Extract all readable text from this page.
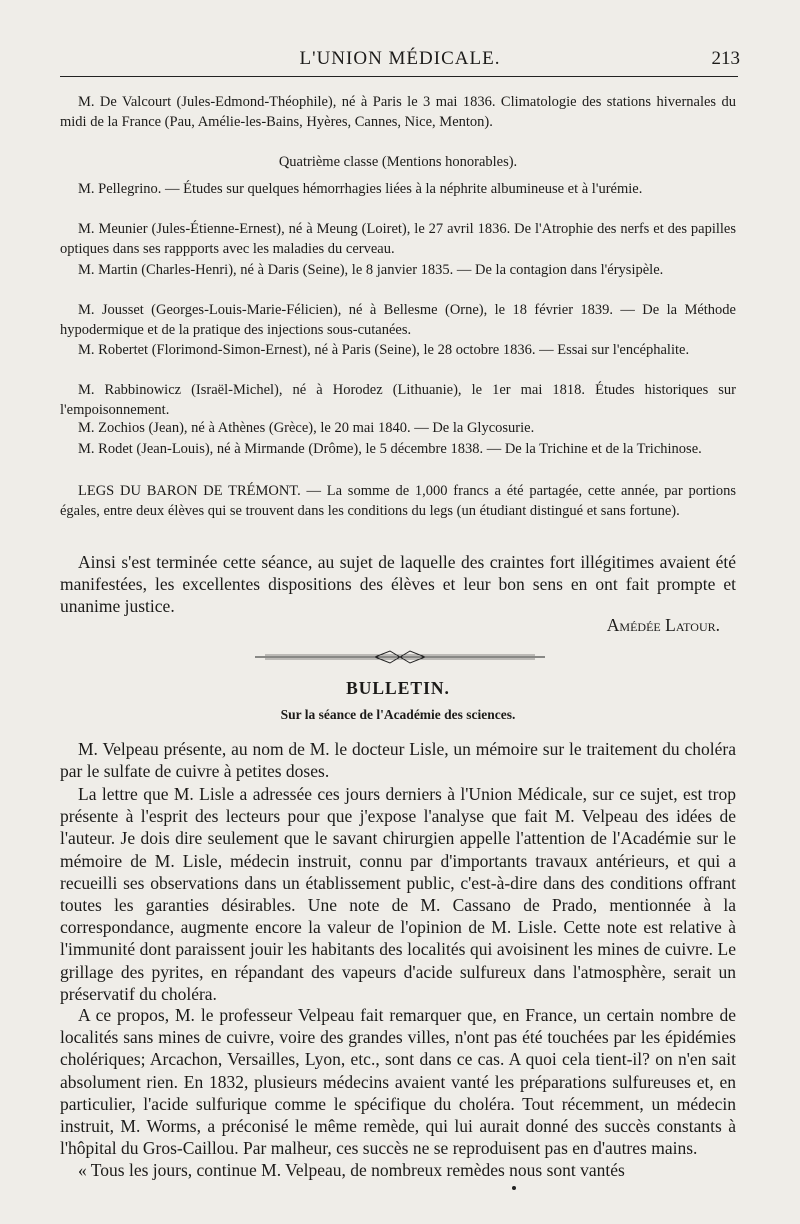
L'UNION MÉDICALE.	213

M. De Valcourt (Jules-Edmond-Théophile), né à Paris le 3 mai 1836. Climatologie des stations hivernales du midi de la France (Pau, Amélie-les-Bains, Hyères, Cannes, Nice, Menton).

Quatrième classe (Mentions honorables).

M. Pellegrino. — Études sur quelques hémorrhagies liées à la néphrite albumineuse et à l'urémie.

M. Meunier (Jules-Étienne-Ernest), né à Meung (Loiret), le 27 avril 1836. De l'Atrophie des nerfs et des papilles optiques dans ses rappports avec les maladies du cerveau.

M. Martin (Charles-Henri), né à Daris (Seine), le 8 janvier 1835. — De la contagion dans l'érysipèle.

M. Jousset (Georges-Louis-Marie-Félicien), né à Bellesme (Orne), le 18 février 1839. — De la Méthode hypodermique et de la pratique des injections sous-cutanées.

M. Robertet (Florimond-Simon-Ernest), né à Paris (Seine), le 28 octobre 1836. — Essai sur l'encéphalite.

M. Rabbinowicz (Israël-Michel), né à Horodez (Lithuanie), le 1er mai 1818. Études historiques sur l'empoisonnement.

M. Zochios (Jean), né à Athènes (Grèce), le 20 mai 1840. — De la Glycosurie.

M. Rodet (Jean-Louis), né à Mirmande (Drôme), le 5 décembre 1838. — De la Trichine et de la Trichinose.

LEGS DU BARON DE TRÉMONT. — La somme de 1,000 francs a été partagée, cette année, par portions égales, entre deux élèves qui se trouvent dans les conditions du legs (un étudiant distingué et sans fortune).

Ainsi s'est terminée cette séance, au sujet de laquelle des craintes fort illégitimes avaient été manifestées, les excellentes dispositions des élèves et leur bon sens en ont fait prompte et unanime justice.

Amédée Latour.

BULLETIN.
Sur la séance de l'Académie des sciences.

M. Velpeau présente, au nom de M. le docteur Lisle, un mémoire sur le traitement du choléra par le sulfate de cuivre à petites doses.

La lettre que M. Lisle a adressée ces jours derniers à l'Union Médicale, sur ce sujet, est trop présente à l'esprit des lecteurs pour que j'expose l'analyse que fait M. Velpeau des idées de l'auteur. Je dois dire seulement que le savant chirurgien appelle l'attention de l'Académie sur le mémoire de M. Lisle, médecin instruit, connu par d'importants travaux antérieurs, et qui a recueilli ses observations dans un établissement public, c'est-à-dire dans des conditions offrant toutes les garanties désirables. Une note de M. Cassano de Prado, mentionnée à la correspondance, augmente encore la valeur de l'opinion de M. Lisle. Cette note est relative à l'immunité dont paraissent jouir les habitants des localités qui avoisinent les mines de cuivre. Le grillage des pyrites, en répandant des vapeurs d'acide sulfureux dans l'atmosphère, serait un préservatif du choléra.

A ce propos, M. le professeur Velpeau fait remarquer que, en France, un certain nombre de localités sans mines de cuivre, voire des grandes villes, n'ont pas été touchées par les épidémies cholériques; Arcachon, Versailles, Lyon, etc., sont dans ce cas. A quoi cela tient-il? on n'en sait absolument rien. En 1832, plusieurs médecins avaient vanté les préparations sulfureuses et, en particulier, l'acide sulfurique comme le spécifique du choléra. Tout récemment, un médecin instruit, M. Worms, a préconisé le même remède, qui lui aurait donné des succès constants à l'hôpital du Gros-Caillou. Par malheur, ces succès ne se reproduisent pas en d'autres mains.

« Tous les jours, continue M. Velpeau, de nombreux remèdes nous sont vantés
